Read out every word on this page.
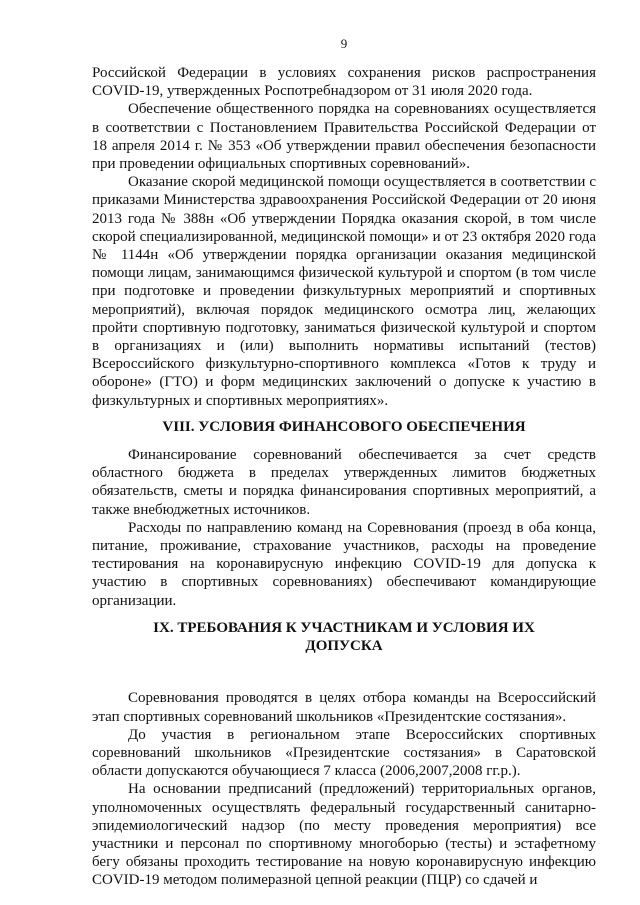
9

Российской Федерации в условиях сохранения рисков распространения COVID-19, утвержденных Роспотребнадзором от 31 июля 2020 года.

Обеспечение общественного порядка на соревнованиях осуществляется в соответствии с Постановлением Правительства Российской Федерации от 18 апреля 2014 г. № 353 «Об утверждении правил обеспечения безопасности при проведении официальных спортивных соревнований».

Оказание скорой медицинской помощи осуществляется в соответствии с приказами Министерства здравоохранения Российской Федерации от 20 июня 2013 года № 388н «Об утверждении Порядка оказания скорой, в том числе скорой специализированной, медицинской помощи» и от 23 октября 2020 года № 1144н «Об утверждении порядка организации оказания медицинской помощи лицам, занимающимся физической культурой и спортом (в том числе при подготовке и проведении физкультурных мероприятий и спортивных мероприятий), включая порядок медицинского осмотра лиц, желающих пройти спортивную подготовку, заниматься физической культурой и спортом в организациях и (или) выполнить нормативы испытаний (тестов) Всероссийского физкультурно-спортивного комплекса «Готов к труду и обороне» (ГТО) и форм медицинских заключений о допуске к участию в физкультурных и спортивных мероприятиях».

VIII. УСЛОВИЯ ФИНАНСОВОГО ОБЕСПЕЧЕНИЯ

Финансирование соревнований обеспечивается за счет средств областного бюджета в пределах утвержденных лимитов бюджетных обязательств, сметы и порядка финансирования спортивных мероприятий, а также внебюджетных источников.

Расходы по направлению команд на Соревнования (проезд в оба конца, питание, проживание, страхование участников, расходы на проведение тестирования на коронавирусную инфекцию COVID-19 для допуска к участию в спортивных соревнованиях) обеспечивают командирующие организации.

IX. ТРЕБОВАНИЯ К УЧАСТНИКАМ И УСЛОВИЯ ИХ ДОПУСКА

Соревнования проводятся в целях отбора команды на Всероссийский этап спортивных соревнований школьников «Президентские состязания».

До участия в региональном этапе Всероссийских спортивных соревнований школьников «Президентские состязания» в Саратовской области допускаются обучающиеся 7 класса (2006,2007,2008 гг.р.).

На основании предписаний (предложений) территориальных органов, уполномоченных осуществлять федеральный государственный санитарно-эпидемиологический надзор (по месту проведения мероприятия) все участники и персонал по спортивному многоборью (тесты) и эстафетному бегу обязаны проходить тестирование на новую коронавирусную инфекцию COVID-19 методом полимеразной цепной реакции (ПЦР) со сдачей и
